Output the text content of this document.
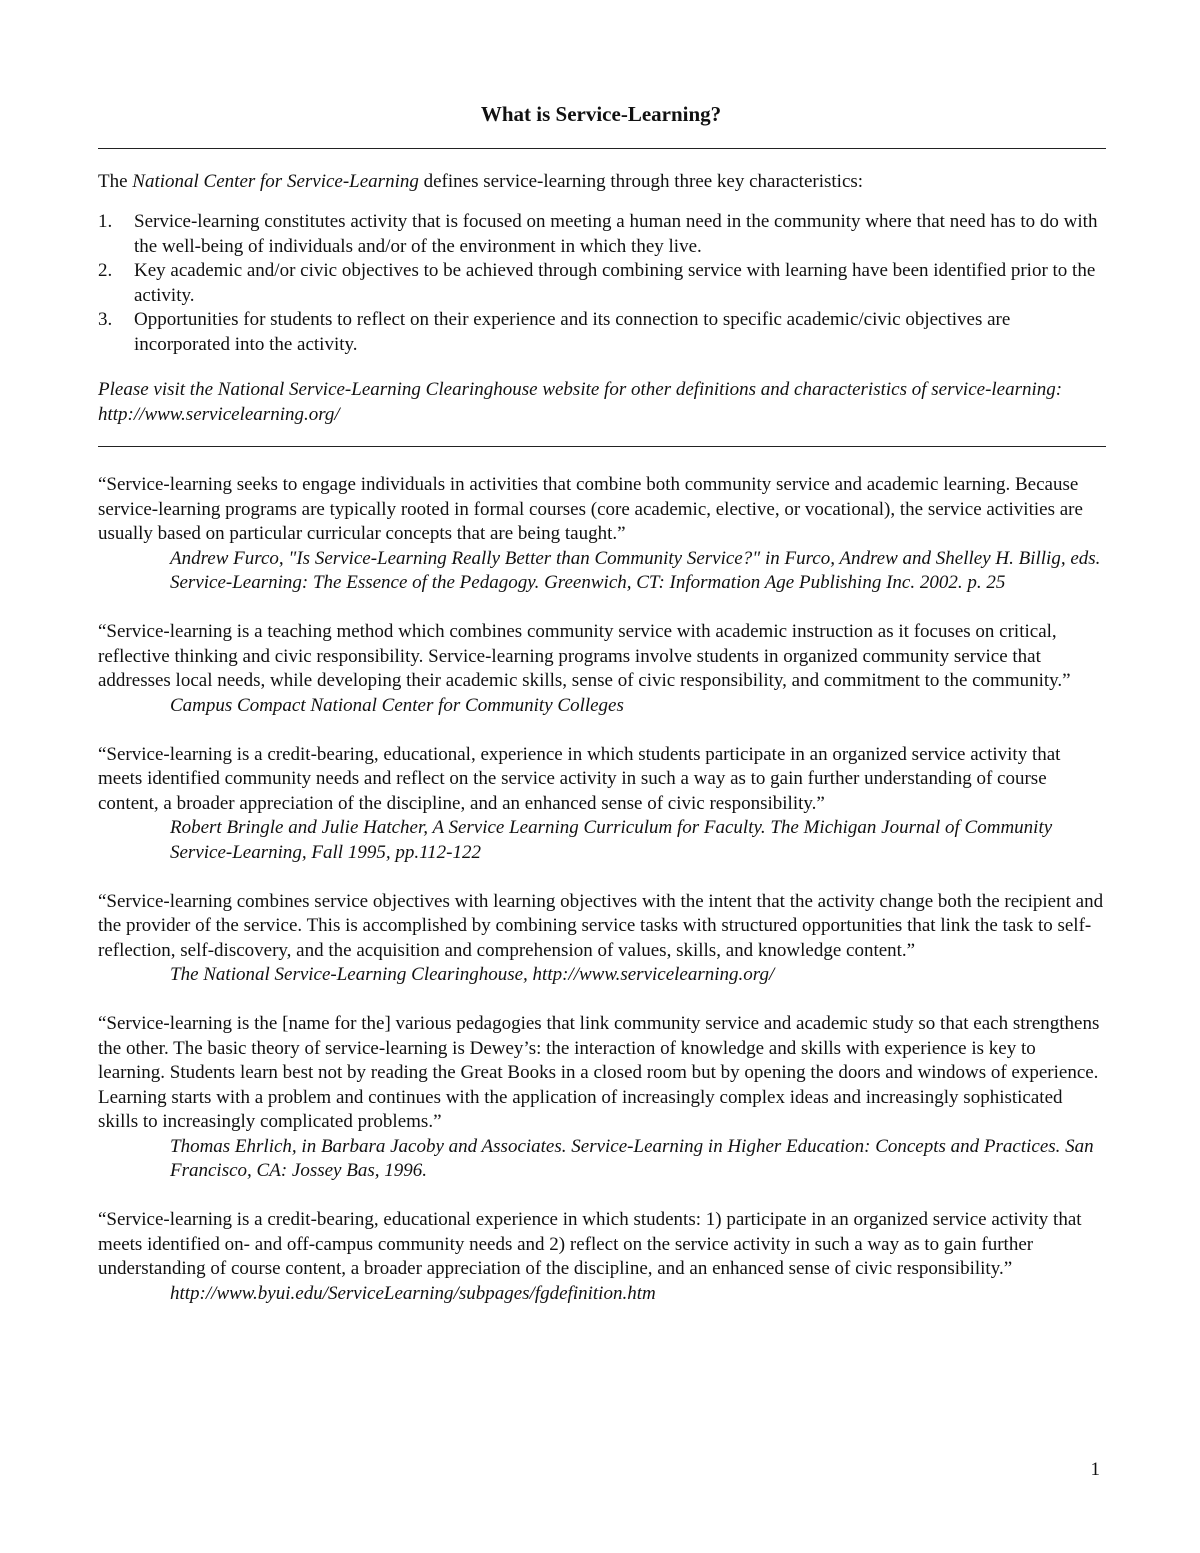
What is Service-Learning?

The National Center for Service-Learning defines service-learning through three key characteristics:

1. Service-learning constitutes activity that is focused on meeting a human need in the community where that need has to do with the well-being of individuals and/or of the environment in which they live.
2. Key academic and/or civic objectives to be achieved through combining service with learning have been identified prior to the activity.
3. Opportunities for students to reflect on their experience and its connection to specific academic/civic objectives are incorporated into the activity.

Please visit the National Service-Learning Clearinghouse website for other definitions and characteristics of service-learning: http://www.servicelearning.org/

“Service-learning seeks to engage individuals in activities that combine both community service and academic learning. Because service-learning programs are typically rooted in formal courses (core academic, elective, or vocational), the service activities are usually based on particular curricular concepts that are being taught.”

Andrew Furco, "Is Service-Learning Really Better than Community Service?" in Furco, Andrew and Shelley H. Billig, eds. Service-Learning: The Essence of the Pedagogy. Greenwich, CT: Information Age Publishing Inc. 2002. p. 25

“Service-learning is a teaching method which combines community service with academic instruction as it focuses on critical, reflective thinking and civic responsibility. Service-learning programs involve students in organized community service that addresses local needs, while developing their academic skills, sense of civic responsibility, and commitment to the community.”

Campus Compact National Center for Community Colleges

“Service-learning is a credit-bearing, educational, experience in which students participate in an organized service activity that meets identified community needs and reflect on the service activity in such a way as to gain further understanding of course content, a broader appreciation of the discipline, and an enhanced sense of civic responsibility.”

Robert Bringle and Julie Hatcher, A Service Learning Curriculum for Faculty. The Michigan Journal of Community Service-Learning, Fall 1995, pp.112-122

“Service-learning combines service objectives with learning objectives with the intent that the activity change both the recipient and the provider of the service. This is accomplished by combining service tasks with structured opportunities that link the task to self-reflection, self-discovery, and the acquisition and comprehension of values, skills, and knowledge content.”

The National Service-Learning Clearinghouse, http://www.servicelearning.org/

“Service-learning is the [name for the] various pedagogies that link community service and academic study so that each strengthens the other. The basic theory of service-learning is Dewey’s: the interaction of knowledge and skills with experience is key to learning. Students learn best not by reading the Great Books in a closed room but by opening the doors and windows of experience. Learning starts with a problem and continues with the application of increasingly complex ideas and increasingly sophisticated skills to increasingly complicated problems.”

Thomas Ehrlich, in Barbara Jacoby and Associates. Service-Learning in Higher Education: Concepts and Practices. San Francisco, CA: Jossey Bas, 1996.

“Service-learning is a credit-bearing, educational experience in which students: 1) participate in an organized service activity that meets identified on- and off-campus community needs and 2) reflect on the service activity in such a way as to gain further understanding of course content, a broader appreciation of the discipline, and an enhanced sense of civic responsibility.”

http://www.byui.edu/ServiceLearning/subpages/fgdefinition.htm

1
